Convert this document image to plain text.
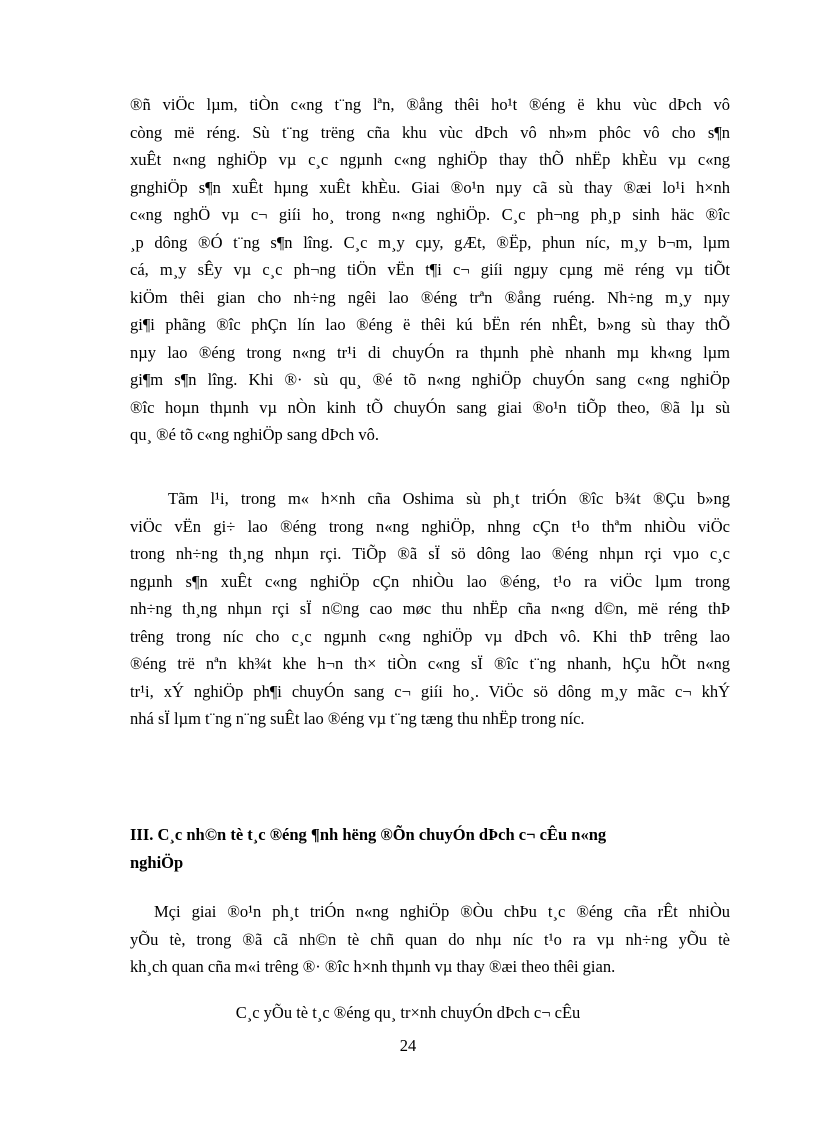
®ñ viÖc lµm, tiÒn c«ng t¨ng lªn, ®ång thêi ho¹t ®éng ë khu vùc dÞch vô
còng më réng. Sù t¨ng trëng cña khu vùc dÞch vô nh»m phôc vô cho s¶n
xuÊt n«ng nghiÖp vµ c¸c ngµnh c«ng nghiÖp thay thÕ nhËp khÈu vµ c«ng
gnghiÖp s¶n xuÊt hµng xuÊt khÈu. Giai ®o¹n nµy cã sù thay ®æi lo¹i h×nh
c«ng nghÖ vµ c¬ giíi ho¸ trong n«ng nghiÖp. C¸c ph¬ng ph¸p sinh häc ®îc
¸p dông ®Ó t¨ng s¶n lîng. C¸c m¸y cµy, gÆt, ®Ëp, phun níc, m¸y b¬m, lµm
cá, m¸y sÊy vµ c¸c ph¬ng tiÖn vËn t¶i c¬ giíi ngµy cµng më réng vµ tiÕt
kiÖm thêi gian cho nh÷ng ngêi lao ®éng trªn ®ång ruéng. Nh÷ng m¸y nµy
gi¶i phãng ®îc phÇn lín lao ®éng ë thêi kú bËn rén nhÊt, b»ng sù thay thÕ
nµy lao ®éng trong n«ng tr¹i di chuyÓn ra thµnh phè nhanh mµ kh«ng lµm
gi¶m s¶n lîng. Khi ®· sù qu¸ ®é tõ n«ng nghiÖp chuyÓn sang c«ng nghiÖp
®îc hoµn thµnh vµ nÒn kinh tÕ chuyÓn sang giai ®o¹n tiÕp theo, ®ã lµ sù
qu¸ ®é tõ c«ng nghiÖp sang dÞch vô.
Tãm l¹i, trong m« h×nh cña Oshima sù ph¸t triÓn ®îc b¾t ®Çu b»ng
viÖc vËn gi÷ lao ®éng trong n«ng nghiÖp, nhng cÇn t¹o thªm nhiÒu viÖc
trong nh÷ng th¸ng nhµn rçi. TiÕp ®ã sÏ sö dông lao ®éng nhµn rçi vµo c¸c
ngµnh s¶n xuÊt c«ng nghiÖp cÇn nhiÒu lao ®éng, t¹o ra viÖc lµm trong
nh÷ng th¸ng nhµn rçi sÏ n©ng cao møc thu nhËp cña n«ng d©n, më réng thÞ
trêng trong níc cho c¸c ngµnh c«ng nghiÖp vµ dÞch vô. Khi thÞ trêng lao
®éng trë nªn kh¾t khe h¬n th× tiÒn c«ng sÏ ®îc t¨ng nhanh, hÇu hÕt n«ng
tr¹i, xÝ nghiÖp ph¶i chuyÓn sang c¬ giíi ho¸. ViÖc sö dông m¸y mãc c¬ khÝ
nhá sÏ lµm t¨ng n¨ng suÊt lao ®éng vµ t¨ng tæng thu nhËp trong níc.
III. C¸c nh©n tè t¸c ®éng ¶nh hëng ®Õn chuyÓn dÞch c¬ cÊu n«ng
nghiÖp
Mçi giai ®o¹n ph¸t triÓn n«ng nghiÖp ®Òu chÞu t¸c ®éng cña rÊt nhiÒu
yÕu tè, trong ®ã cã nh©n tè chñ quan do nhµ níc t¹o ra vµ nh÷ng yÕu tè
kh¸ch quan cña m«i trêng ®· ®îc h×nh thµnh vµ thay ®æi theo thêi gian.
C¸c yÕu tè t¸c ®éng qu¸ tr×nh chuyÓn dÞch c¬ cÊu
24
